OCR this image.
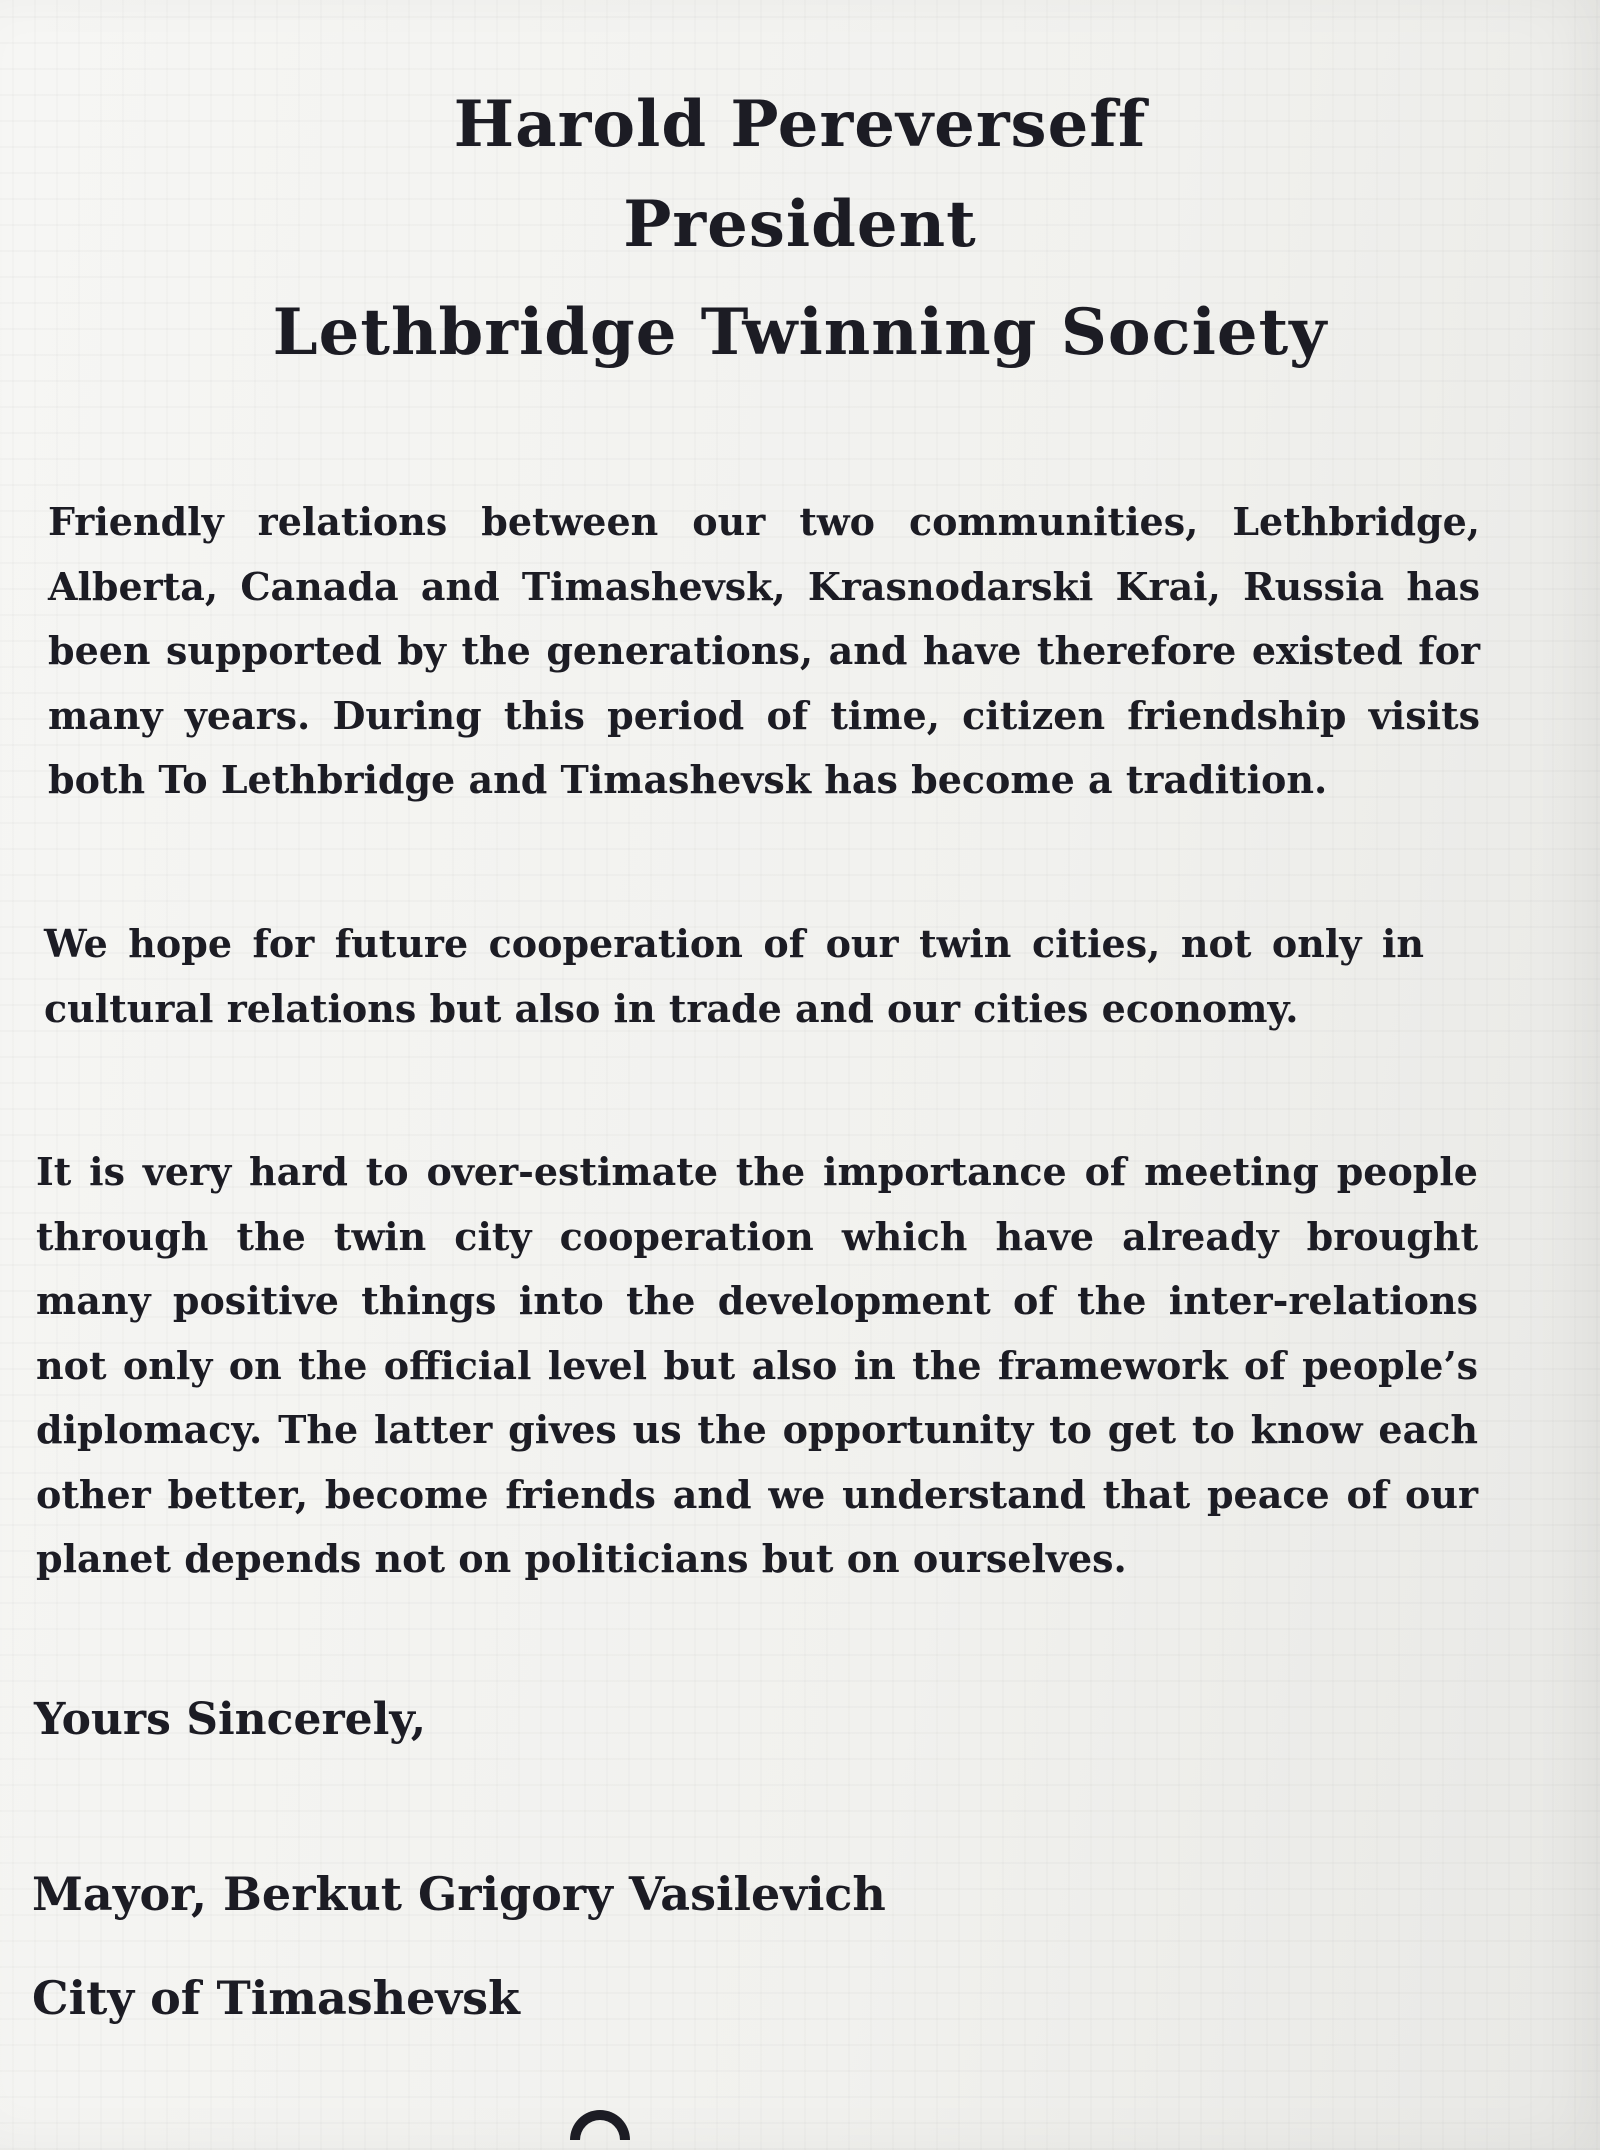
Harold Pereverseff
President
Lethbridge Twinning Society

Friendly relations between our two communities, Lethbridge, Alberta, Canada and Timashevsk, Krasnodarski Krai, Russia has been supported by the generations, and have therefore existed for many years. During this period of time, citizen friendship visits both To Lethbridge and Timashevsk has become a tradition.

We hope for future cooperation of our twin cities, not only in cultural relations but also in trade and our cities economy.

It is very hard to over-estimate the importance of meeting people through the twin city cooperation which have already brought many positive things into the development of the inter-relations not only on the official level but also in the framework of people’s diplomacy. The latter gives us the opportunity to get to know each other better, become friends and we understand that peace of our planet depends not on politicians but on ourselves.

Yours Sincerely,

Mayor, Berkut Grigory Vasilevich

City of Timashevsk
